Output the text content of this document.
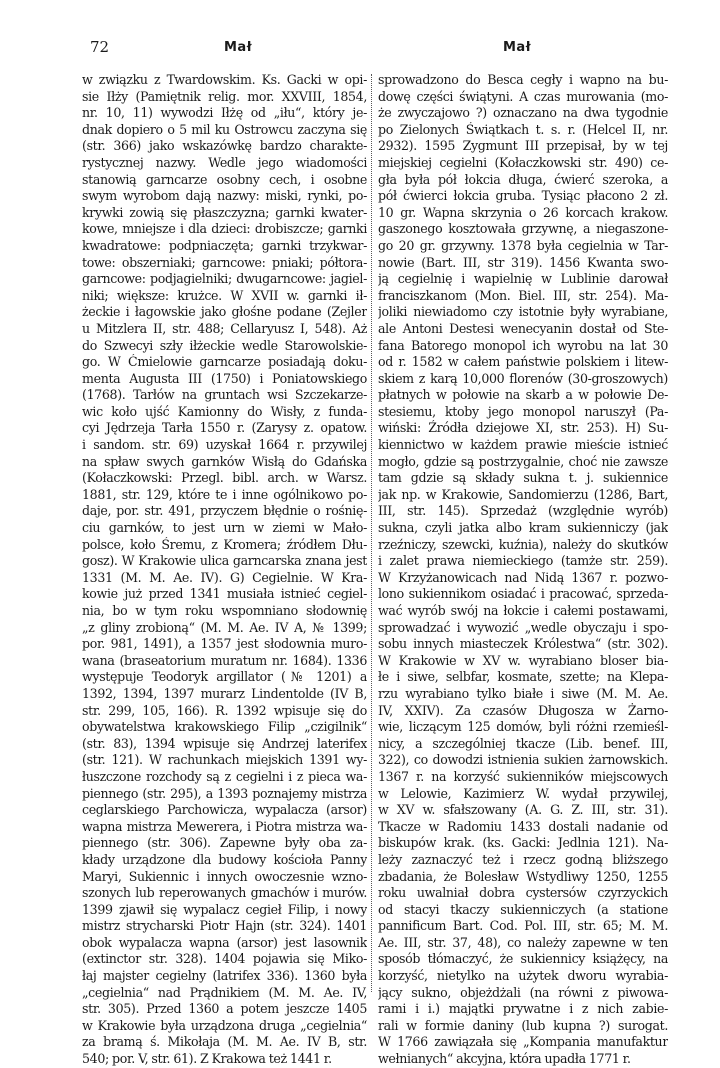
72	Mał	Mał
w związku z Twardowskim. Ks. Gacki w opi-
sie Iłży (Pamiętnik relig. mor. XXVIII, 1854,
nr. 10, 11) wywodzi Iłżę od „iłu“, który je-
dnak dopiero o 5 mil ku Ostrowcu zaczyna się
(str. 366) jako wskazówkę bardzo charakte-
rystycznej nazwy. Wedle jego wiadomości
stanowią garncarze osobny cech, i osobne
swym wyrobom dają nazwy: miski, rynki, po-
krywki zowią się płaszczyzna; garnki kwater-
kowe, mniejsze i dla dzieci: drobiszcze; garnki
kwadratowe: podpniaczęta; garnki trzykwar-
towe: obszerniaki; garncowe: pniaki; półtora-
garncowe: podjagielniki; dwugarncowe: jagiel-
niki; większe: krużce. W XVII w. garnki ił-
żeckie i łagowskie jako głośne podane (Zejler
u Mitzlera II, str. 488; Cellaryusz I, 548). Aż
do Szwecyi szły iłżeckie wedle Starowolskie-
go. W Ćmielowie garncarze posiadają doku-
menta Augusta III (1750) i Poniatowskiego
(1768). Tarłów na gruntach wsi Szczekarze-
wic koło ujść Kamionny do Wisły, z funda-
cyi Jędrzeja Tarła 1550 r. (Zarysy z. opatow.
i sandom. str. 69) uzyskał 1664 r. przywilej
na spław swych garnków Wisłą do Gdańska
(Kołaczkowski: Przegl. bibl. arch. w Warsz.
1881, str. 129, które te i inne ogólnikowo po-
daje, por. str. 491, przyczem błędnie o rośnię-
ciu garnków, to jest urn w ziemi w Mało-
polsce, koło Śremu, z Kromera; źródłem Dłu-
gosz). W Krakowie ulica garncarska znana jest
1331 (M. M. Ae. IV). G) Cegielnie. W Kra-
kowie już przed 1341 musiała istnieć cegiel-
nia, bo w tym roku wspomniano słodownię
„z gliny zrobioną“ (M. M. Ae. IV A, № 1399;
por. 981, 1491), a 1357 jest słodownia muro-
wana (braseatorium muratum nr. 1684). 1336
występuje Teodoryk argillator (№ 1201) a
1392, 1394, 1397 murarz Lindentolde (IV B,
str. 299, 105, 166). R. 1392 wpisuje się do
obywatelstwa krakowskiego Filip „czigilnik“
(str. 83), 1394 wpisuje się Andrzej laterifex
(str. 121). W rachunkach miejskich 1391 wy-
łuszczone rozchody są z cegielni i z pieca wa-
piennego (str. 295), a 1393 poznajemy mistrza
ceglarskiego Parchowicza, wypalacza (arsor)
wapna mistrza Mewerera, i Piotra mistrza wa-
piennego (str. 306). Zapewne były oba za-
kłady urządzone dla budowy kościoła Panny
Maryi, Sukiennic i innych owoczesnie wzno-
szonych lub reperowanych gmachów i murów.
1399 zjawił się wypalacz cegieł Filip, i nowy
mistrz strycharski Piotr Hajn (str. 324). 1401
obok wypalacza wapna (arsor) jest lasownik
(extinctor str. 328). 1404 pojawia się Miko-
łaj majster cegielny (latrifex 336). 1360 była
„cegielnia“ nad Prądnikiem (M. M. Ae. IV,
str. 305). Przed 1360 a potem jeszcze 1405
w Krakowie była urządzona druga „cegielnia“
za bramą ś. Mikołaja (M. M. Ae. IV B, str.
540; por. V, str. 61). Z Krakowa też 1441 r.
sprowadzono do Besca cegły i wapno na bu-
dowę części świątyni. A czas murowania (mo-
że zwyczajowo ?) oznaczano na dwa tygodnie
po Zielonych Świątkach t. s. r. (Helcel II, nr.
2932). 1595 Zygmunt III przepisał, by w tej
miejskiej cegielni (Kołaczkowski str. 490) ce-
gła była pół łokcia długa, ćwierć szeroka, a
pół ćwierci łokcia gruba. Tysiąc płacono 2 zł.
10 gr. Wapna skrzynia o 26 korcach krakow.
gaszonego kosztowała grzywnę, a niegaszone-
go 20 gr. grzywny. 1378 była cegielnia w Tar-
nowie (Bart. III, str 319). 1456 Kwanta swo-
ją cegielnię i wapielnię w Lublinie darował
franciszkanom (Mon. Biel. III, str. 254). Ma-
joliki niewiadomo czy istotnie były wyrabiane,
ale Antoni Destesi wenecyanin dostał od Ste-
fana Batorego monopol ich wyrobu na lat 30
od r. 1582 w całem państwie polskiem i litew-
skiem z karą 10,000 florenów (30-groszowych)
płatnych w połowie na skarb a w połowie De-
stesiemu, ktoby jego monopol naruszył (Pa-
wiński: Źródła dziejowe XI, str. 253). H) Su-
kiennictwo w każdem prawie mieście istnieć
mogło, gdzie są postrzygalnie, choć nie zawsze
tam gdzie są składy sukna t. j. sukiennice
jak np. w Krakowie, Sandomierzu (1286, Bart,
III, str. 145). Sprzedaż (względnie wyrób)
sukna, czyli jatka albo kram sukienniczy (jak
rzeźniczy, szewcki, kuźnia), należy do skutków
i zalet prawa niemieckiego (tamże str. 259).
W Krzyżanowicach nad Nidą 1367 r. pozwo-
lono sukiennikom osiadać i pracować, sprzeda-
wać wyrób swój na łokcie i całemi postawami,
sprowadzać i wywozić „wedle obyczaju i spo-
sobu innych miasteczek Królestwa“ (str. 302).
W Krakowie w XV w. wyrabiano bloser bia-
łe i siwe, selbfar, kosmate, szette; na Klepa-
rzu wyrabiano tylko białe i siwe (M. M. Ae.
IV, XXIV). Za czasów Długosza w Żarno-
wie, liczącym 125 domów, byli różni rzemieśl-
nicy, a szczególniej tkacze (Lib. benef. III,
322), co dowodzi istnienia sukien żarnowskich.
1367 r. na korzyść sukienników miejscowych
w Lelowie, Kazimierz W. wydał przywilej,
w XV w. sfałszowany (A. G. Z. III, str. 31).
Tkacze w Radomiu 1433 dostali nadanie od
biskupów krak. (ks. Gacki: Jedlnia 121). Na-
leży zaznaczyć też i rzecz godną bliższego
zbadania, że Bolesław Wstydliwy 1250, 1255
roku uwalniał dobra cystersów czyrzyckich
od stacyi tkaczy sukienniczych (a statione
pannificum Bart. Cod. Pol. III, str. 65; M. M.
Ae. III, str. 37, 48), co należy zapewne w ten
sposób tłómaczyć, że sukiennicy książęcy, na
korzyść, nietylko na użytek dworu wyrabia-
jący sukno, objeżdżali (na równi z piwowa-
rami i i.) majątki prywatne i z nich zabie-
rali w formie daniny (lub kupna ?) surogat.
W 1766 zawiązała się „Kompania manufaktur
wełnianych“ akcyjna, która upadła 1771 r.
